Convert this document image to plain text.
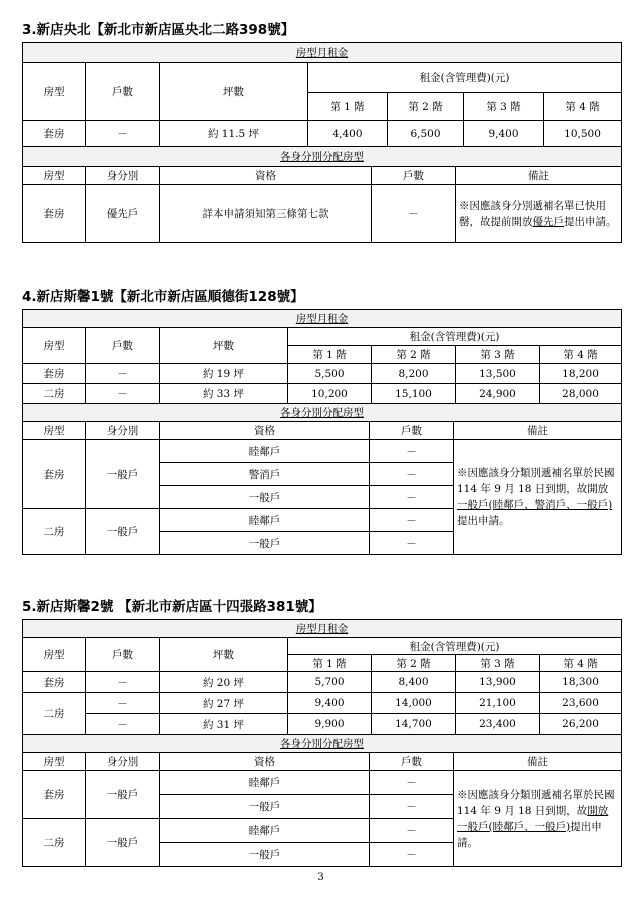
3.新店央北【新北市新店區央北二路398號】
房型月租金						
房型	戶數	坪數	租金(含管理費)(元)			
			第 1 階	第 2 階	第 3 階	第 4 階
套房	－	約 11.5 坪	4,400	6,500	9,400	10,500
各身分別分配房型				
房型	身分別	資格	戶數	備註
套房	優先戶	詳本申請須知第三條第七款	－	※因應該身分別遞補名單已快用罄，故提前開放優先戶提出申請。
4.新店斯馨1號【新北市新店區順德街128號】
房型月租金						
房型	戶數	坪數	租金(含管理費)(元)			
			第 1 階	第 2 階	第 3 階	第 4 階
套房	－	約 19 坪	5,500	8,200	13,500	18,200
二房	－	約 33 坪	10,200	15,100	24,900	28,000
各身分別分配房型				
房型	身分別	資格	戶數	備註
套房	一般戶	睦鄰戶	－	※因應該身分類別遞補名單於民國 114 年 9 月 18 日到期，故開放一般戶(睦鄰戶、警消戶、一般戶)提出申請。
		警消戶	－	
		一般戶	－	
二房	一般戶	睦鄰戶	－	
		一般戶	－	
5.新店斯馨2號 【新北市新店區十四張路381號】
房型月租金						
房型	戶數	坪數	租金(含管理費)(元)			
			第 1 階	第 2 階	第 3 階	第 4 階
套房	－	約 20 坪	5,700	8,400	13,900	18,300
二房	－	約 27 坪	9,400	14,000	21,100	23,600
	－	約 31 坪	9,900	14,700	23,400	26,200
各身分別分配房型				
房型	身分別	資格	戶數	備註
套房	一般戶	睦鄰戶	－	※因應該身分類別遞補名單於民國 114 年 9 月 18 日到期，故開放一般戶(睦鄰戶、一般戶)提出申請。
		一般戶	－	
二房	一般戶	睦鄰戶	－	
		一般戶	－	
3
